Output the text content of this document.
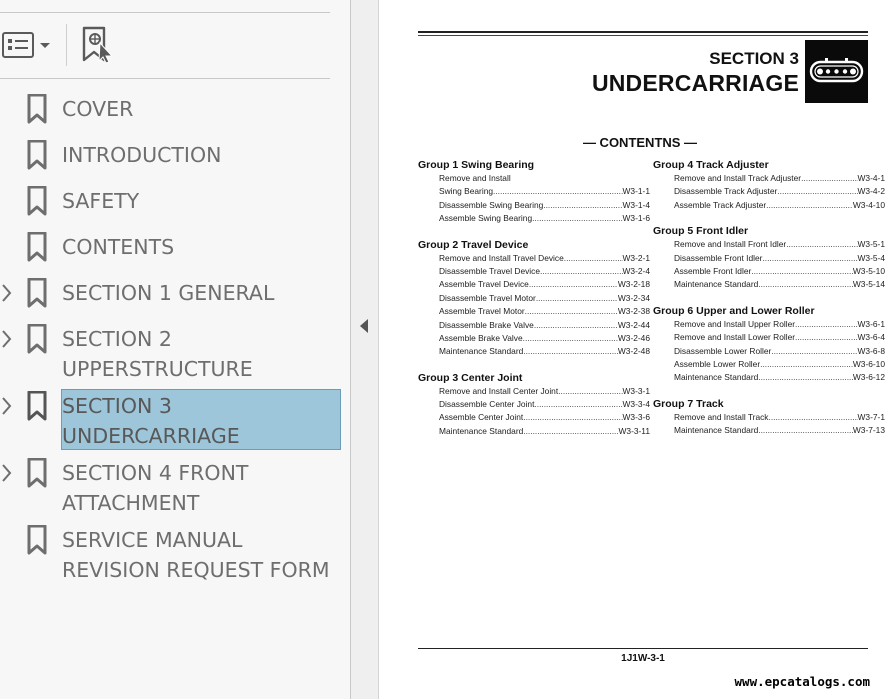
COVER
INTRODUCTION
SAFETY
CONTENTS
SECTION 1 GENERAL
SECTION 2 UPPERSTRUCTURE
SECTION 3 UNDERCARRIAGE
SECTION 4 FRONT ATTACHMENT
SERVICE MANUAL REVISION REQUEST FORM
SECTION 3
UNDERCARRIAGE
— CONTENTNS —
Group 1 Swing Bearing
Remove and Install
Swing Bearing .....	W3-1-1
Disassemble Swing Bearing .....	W3-1-4
Assemble Swing Bearing .....	W3-1-6
Group 2 Travel Device
Remove and Install Travel Device .....	W3-2-1
Disassemble Travel Device .....	W3-2-4
Assemble Travel Device .....	W3-2-18
Disassemble Travel Motor .....	W3-2-34
Assemble Travel Motor .....	W3-2-38
Disassemble Brake Valve .....	W3-2-44
Assemble Brake Valve .....	W3-2-46
Maintenance Standard .....	W3-2-48
Group 3 Center Joint
Remove and Install Center Joint .....	W3-3-1
Disassemble Center Joint .....	W3-3-4
Assemble Center Joint .....	W3-3-6
Maintenance Standard .....	W3-3-11
Group 4 Track Adjuster
Remove and Install Track Adjuster .....	W3-4-1
Disassemble Track Adjuster .....	W3-4-2
Assemble Track Adjuster .....	W3-4-10
Group 5 Front Idler
Remove and Install Front Idler .....	W3-5-1
Disassemble Front Idler .....	W3-5-4
Assemble Front Idler .....	W3-5-10
Maintenance Standard .....	W3-5-14
Group 6 Upper and Lower Roller
Remove and Install Upper Roller .....	W3-6-1
Remove and Install Lower Roller .....	W3-6-4
Disassemble Lower Roller .....	W3-6-8
Assemble Lower Roller .....	W3-6-10
Maintenance Standard .....	W3-6-12
Group 7 Track
Remove and Install Track .....	W3-7-1
Maintenance Standard .....	W3-7-13
1J1W-3-1
www.epcatalogs.com
